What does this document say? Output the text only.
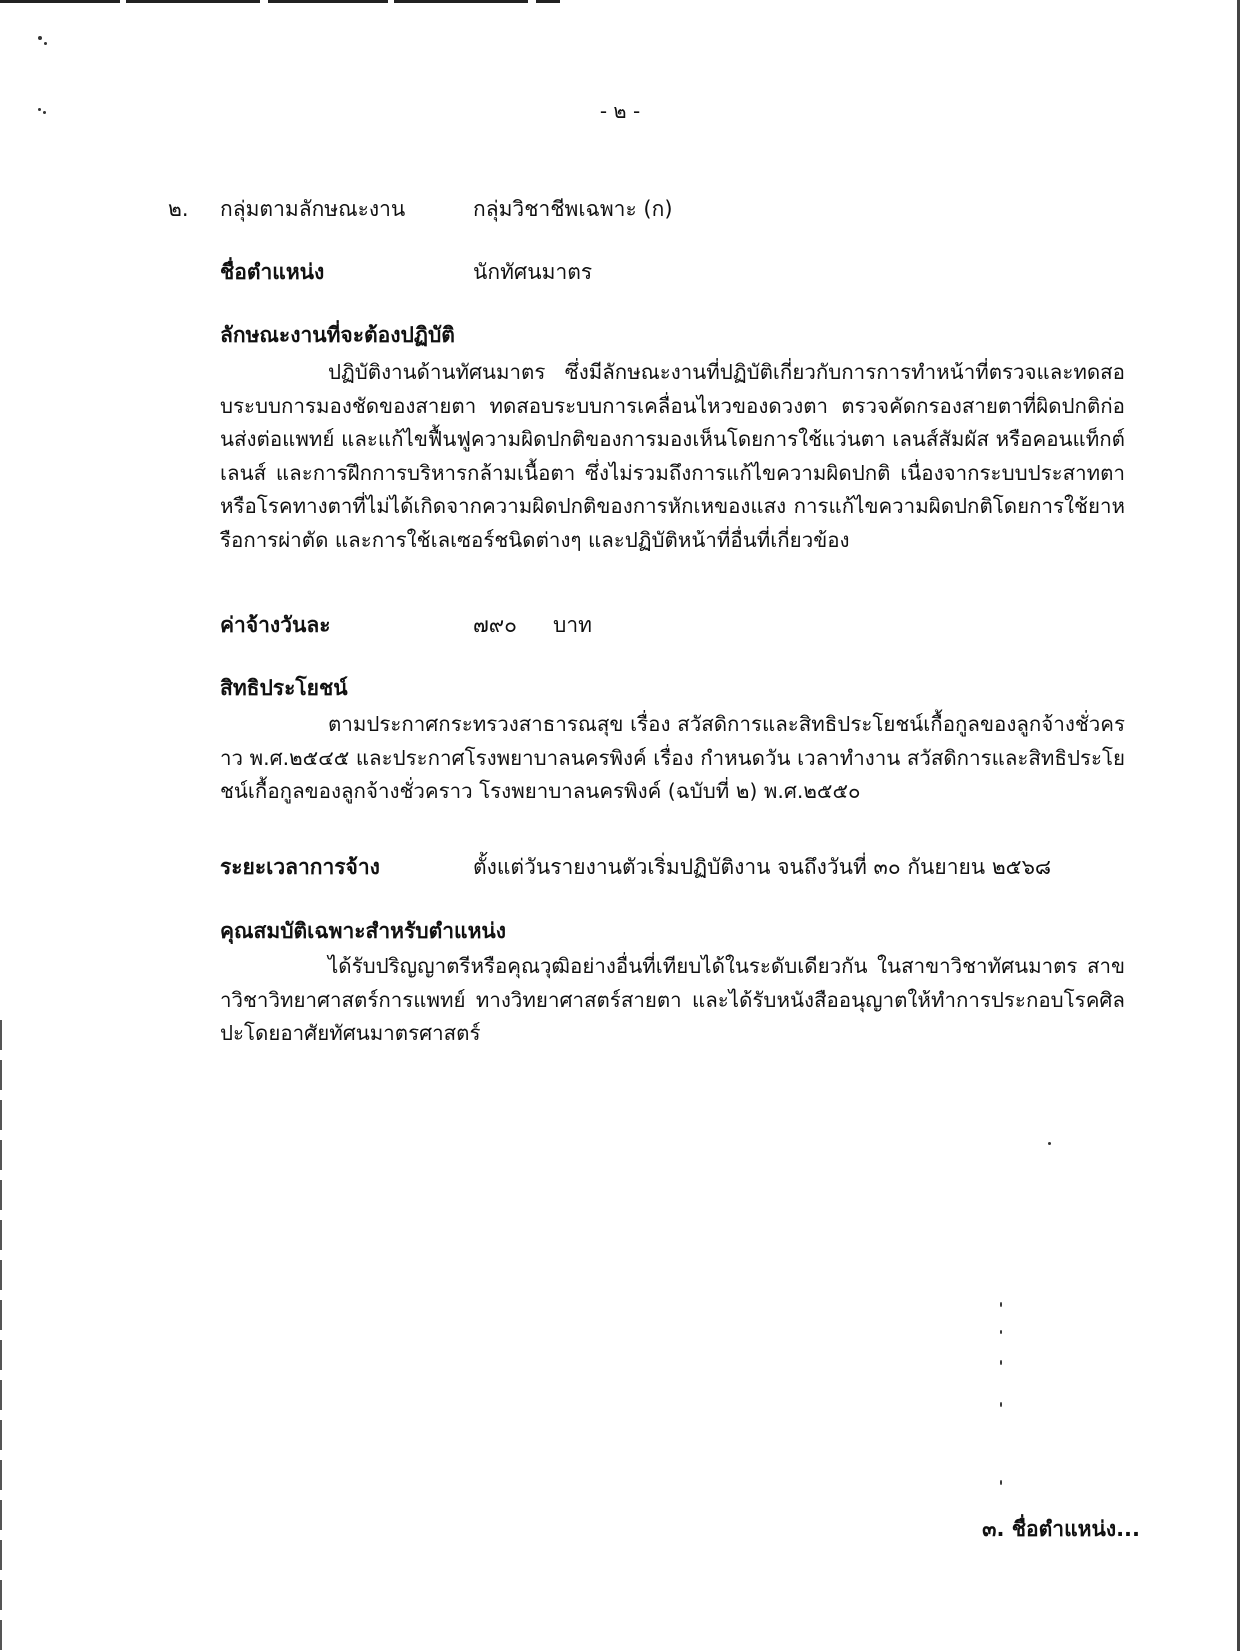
- ๒ -
๒. กลุ่มตามลักษณะงาน	กลุ่มวิชาชีพเฉพาะ (ก)
ชื่อตำแหน่ง	นักทัศนมาตร
ลักษณะงานที่จะต้องปฏิบัติ
ปฏิบัติงานด้านทัศนมาตร ซึ่งมีลักษณะงานที่ปฏิบัติเกี่ยวกับการการทำหน้าที่ตรวจและทดสอบระบบการมองชัดของสายตา ทดสอบระบบการเคลื่อนไหวของดวงตา ตรวจคัดกรองสายตาที่ผิดปกติก่อนส่งต่อแพทย์ และแก้ไขฟื้นฟูความผิดปกติของการมองเห็นโดยการใช้แว่นตา เลนส์สัมผัส หรือคอนแท็กต์เลนส์ และการฝึกการบริหารกล้ามเนื้อตา ซึ่งไม่รวมถึงการแก้ไขความผิดปกติ เนื่องจากระบบประสาทตาหรือโรคทางตาที่ไม่ได้เกิดจากความผิดปกติของการหักเหของแสง การแก้ไขความผิดปกติโดยการใช้ยาหรือการผ่าตัด และการใช้เลเซอร์ชนิดต่างๆ และปฏิบัติหน้าที่อื่นที่เกี่ยวข้อง
ค่าจ้างวันละ	๗๙๐ บาท
สิทธิประโยชน์
ตามประกาศกระทรวงสาธารณสุข เรื่อง สวัสดิการและสิทธิประโยชน์เกื้อกูลของลูกจ้างชั่วคราว พ.ศ.๒๕๔๕ และประกาศโรงพยาบาลนครพิงค์ เรื่อง กำหนดวัน เวลาทำงาน สวัสดิการและสิทธิประโยชน์เกื้อกูลของลูกจ้างชั่วคราว โรงพยาบาลนครพิงค์ (ฉบับที่ ๒) พ.ศ.๒๕๕๐
ระยะเวลาการจ้าง	ตั้งแต่วันรายงานตัวเริ่มปฏิบัติงาน จนถึงวันที่ ๓๐ กันยายน ๒๕๖๘
คุณสมบัติเฉพาะสำหรับตำแหน่ง
ได้รับปริญญาตรีหรือคุณวุฒิอย่างอื่นที่เทียบได้ในระดับเดียวกัน ในสาขาวิชาทัศนมาตร สาขาวิชาวิทยาศาสตร์การแพทย์ ทางวิทยาศาสตร์สายตา และได้รับหนังสืออนุญาตให้ทำการประกอบโรคศิลปะโดยอาศัยทัศนมาตรศาสตร์
๓. ชื่อตำแหน่ง...
